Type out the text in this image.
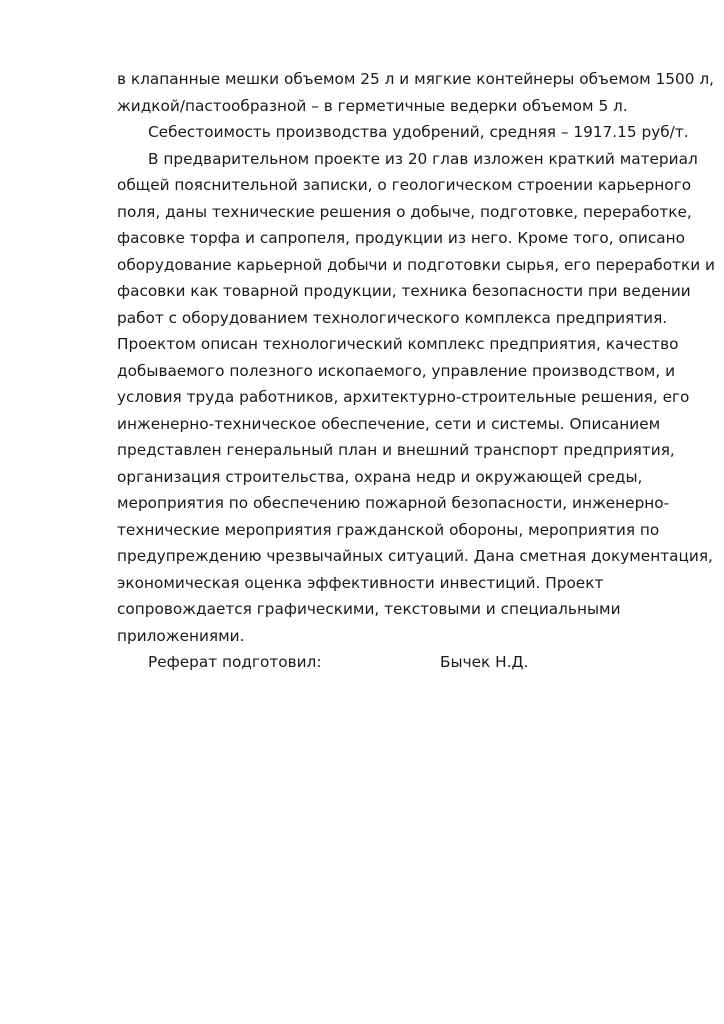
в клапанные мешки объемом 25 л и мягкие контейнеры объемом 1500 л,
жидкой/пастообразной – в герметичные ведерки объемом 5 л.
Себестоимость производства удобрений, средняя – 1917.15 руб/т.
В предварительном проекте из 20 глав изложен краткий материал
общей пояснительной записки, о геологическом строении карьерного
поля, даны технические решения о добыче, подготовке, переработке,
фасовке торфа и сапропеля, продукции из него. Кроме того, описано
оборудование карьерной добычи и подготовки сырья, его переработки и
фасовки как товарной продукции, техника безопасности при ведении
работ с оборудованием технологического комплекса предприятия.
Проектом описан технологический комплекс предприятия, качество
добываемого полезного ископаемого, управление производством, и
условия труда работников, архитектурно-строительные решения, его
инженерно-техническое обеспечение, сети и системы. Описанием
представлен генеральный план и внешний транспорт предприятия,
организация строительства, охрана недр и окружающей среды,
мероприятия по обеспечению пожарной безопасности, инженерно-
технические мероприятия гражданской обороны, мероприятия по
предупреждению чрезвычайных ситуаций. Дана сметная документация,
экономическая оценка эффективности инвестиций. Проект
сопровождается графическими, текстовыми и специальными
приложениями.
Реферат подготовил:	Бычек Н.Д.
